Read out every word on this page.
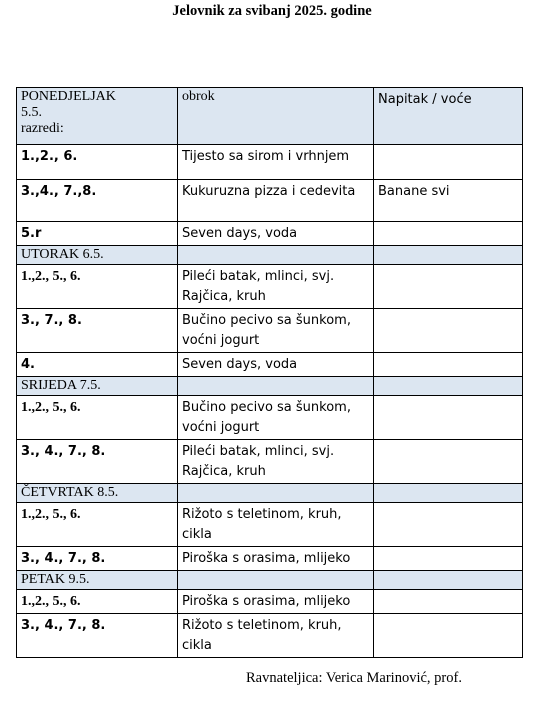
Jelovnik za svibanj 2025. godine
PONEDJELJAK
5.5.
razredi:	obrok	Napitak / voće
1.,2., 6.	Tijesto sa sirom i vrhnjem	
3.,4., 7.,8.	Kukuruzna pizza i cedevita	Banane svi
5.r	Seven days, voda	
UTORAK 6.5.		
1.,2., 5., 6.	Pileći batak, mlinci, svj. Rajčica, kruh	
3., 7., 8.	Bučino pecivo sa šunkom, voćni jogurt	
4.	Seven days, voda	
SRIJEDA 7.5.		
1.,2., 5., 6.	Bučino pecivo sa šunkom, voćni jogurt	
3., 4., 7., 8.	Pileći batak, mlinci, svj. Rajčica, kruh	
ČETVRTAK 8.5.		
1.,2., 5., 6.	Rižoto s teletinom, kruh, cikla	
3., 4., 7., 8.	Piroška s orasima, mlijeko	
PETAK 9.5.		
1.,2., 5., 6.	Piroška s orasima, mlijeko	
3., 4., 7., 8.	Rižoto s teletinom, kruh, cikla	
Ravnateljica: Verica Marinović, prof.
